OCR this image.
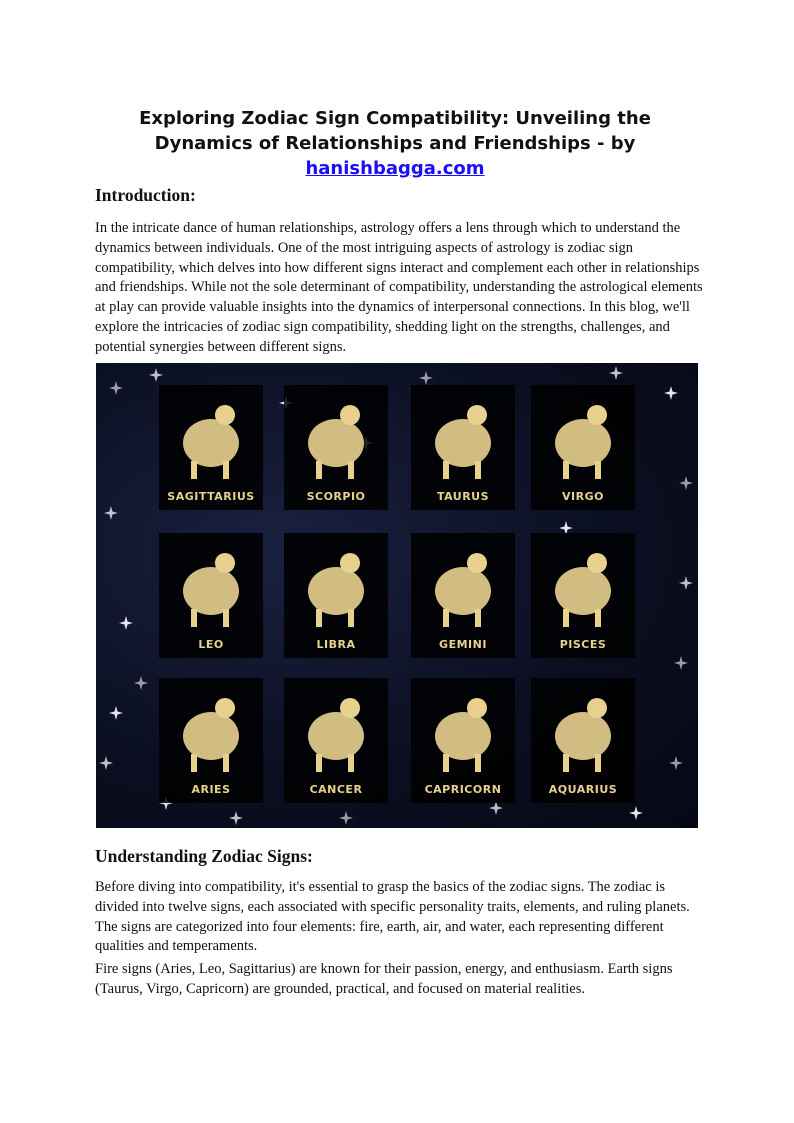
Exploring Zodiac Sign Compatibility: Unveiling the Dynamics of Relationships and Friendships - by
hanishbagga.com
Introduction:

In the intricate dance of human relationships, astrology offers a lens through which to understand the dynamics between individuals. One of the most intriguing aspects of astrology is zodiac sign compatibility, which delves into how different signs interact and complement each other in relationships and friendships. While not the sole determinant of compatibility, understanding the astrological elements at play can provide valuable insights into the dynamics of interpersonal connections. In this blog, we'll explore the intricacies of zodiac sign compatibility, shedding light on the strengths, challenges, and potential synergies between different signs.

SAGITTARIUS	SCORPIO	TAURUS	VIRGO
LEO	LIBRA	GEMINI	PISCES
ARIES	CANCER	CAPRICORN	AQUARIUS
Understanding Zodiac Signs:

Before diving into compatibility, it's essential to grasp the basics of the zodiac signs. The zodiac is divided into twelve signs, each associated with specific personality traits, elements, and ruling planets. The signs are categorized into four elements: fire, earth, air, and water, each representing different qualities and temperaments.

Fire signs (Aries, Leo, Sagittarius) are known for their passion, energy, and enthusiasm. Earth signs (Taurus, Virgo, Capricorn) are grounded, practical, and focused on material realities.
